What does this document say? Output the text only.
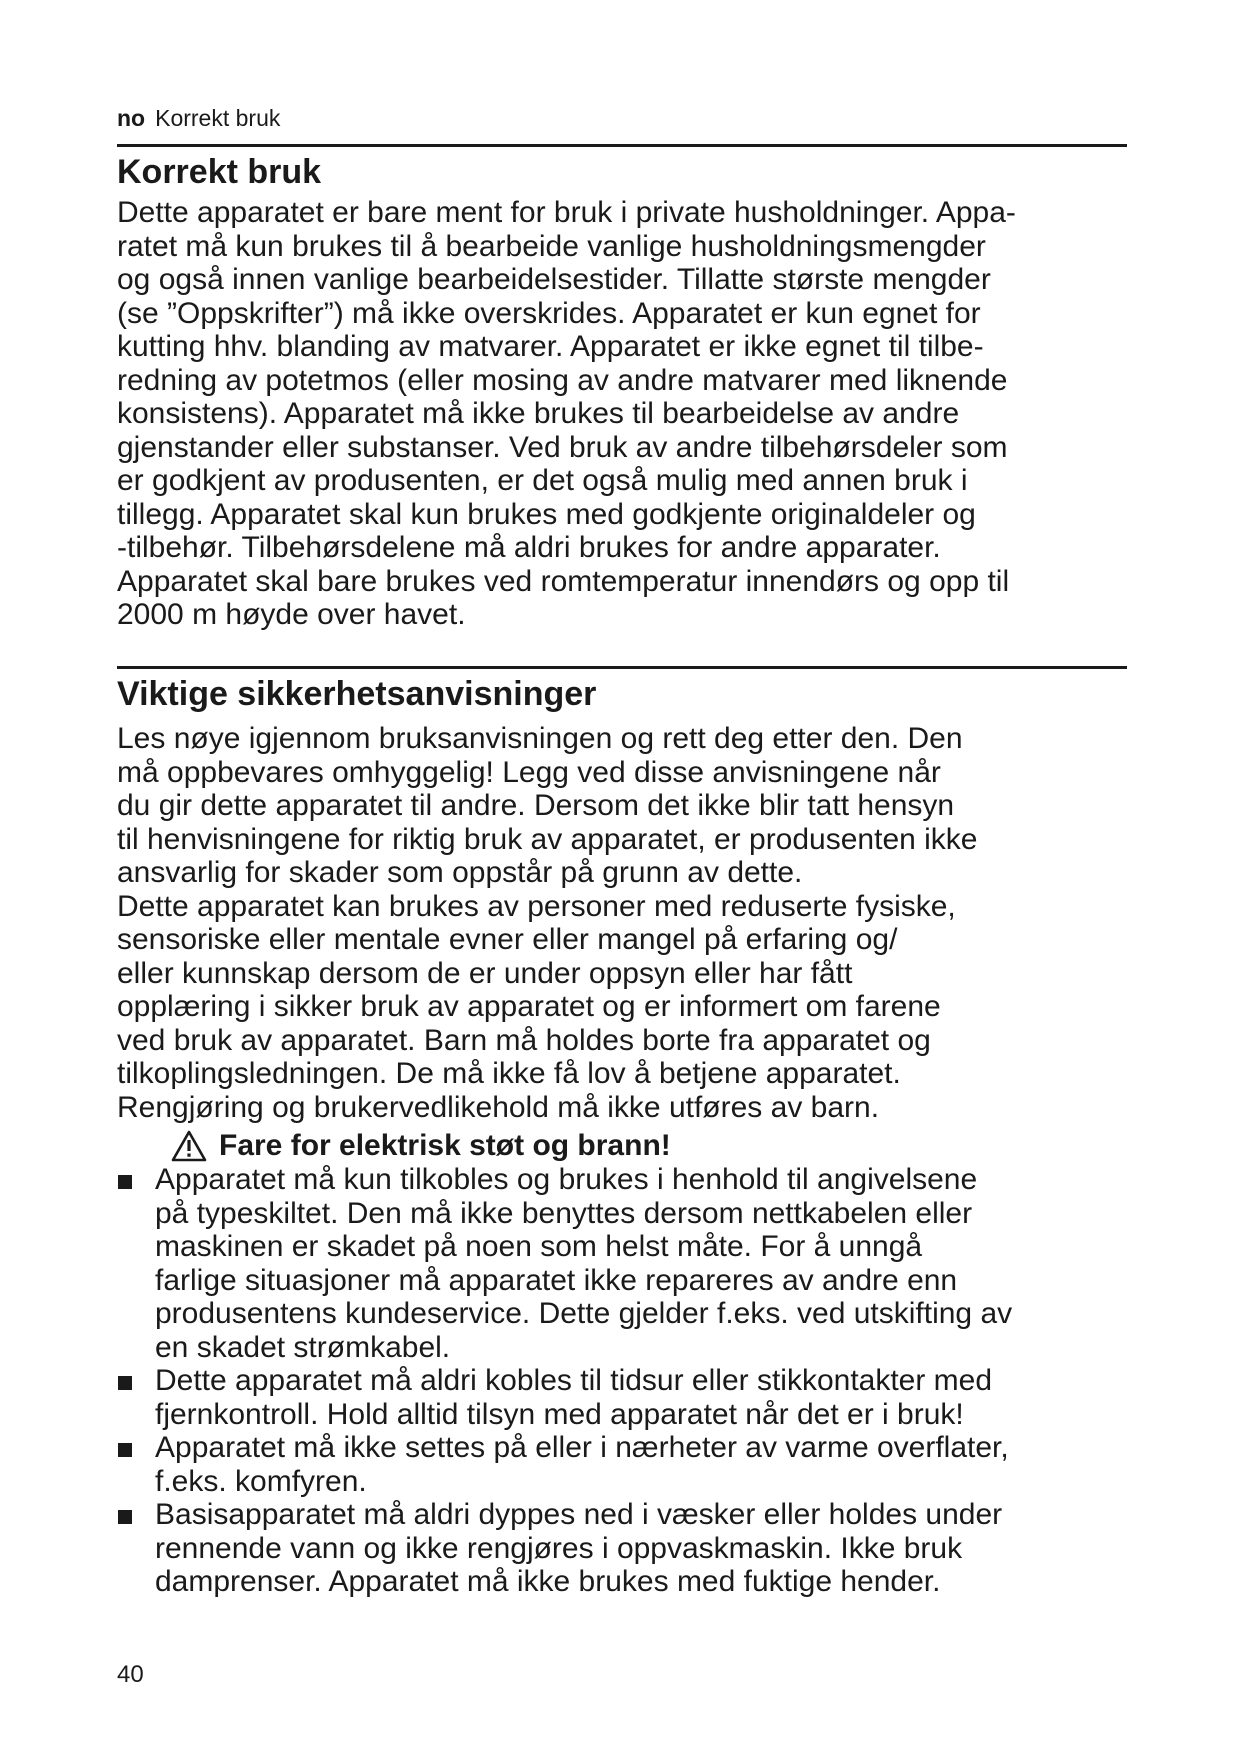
no Korrekt bruk
Korrekt bruk
Dette apparatet er bare ment for bruk i private husholdninger. Appa-
ratet må kun brukes til å bearbeide vanlige husholdningsmengder
og også innen vanlige bearbeidelsestider. Tillatte største mengder
(se ”Oppskrifter”) må ikke overskrides. Apparatet er kun egnet for
kutting hhv. blanding av matvarer. Apparatet er ikke egnet til tilbe-
redning av potetmos (eller mosing av andre matvarer med liknende
konsistens). Apparatet må ikke brukes til bearbeidelse av andre
gjenstander eller substanser. Ved bruk av andre tilbehørsdeler som
er godkjent av produsenten, er det også mulig med annen bruk i
tillegg. Apparatet skal kun brukes med godkjente originaldeler og
-tilbehør. Tilbehørsdelene må aldri brukes for andre apparater.
Apparatet skal bare brukes ved romtemperatur innendørs og opp til
2000 m høyde over havet.
Viktige sikkerhetsanvisninger
Les nøye igjennom bruksanvisningen og rett deg etter den. Den
må oppbevares omhyggelig! Legg ved disse anvisningene når
du gir dette apparatet til andre. Dersom det ikke blir tatt hensyn
til henvisningene for riktig bruk av apparatet, er produsenten ikke
ansvarlig for skader som oppstår på grunn av dette.
Dette apparatet kan brukes av personer med reduserte fysiske,
sensoriske eller mentale evner eller mangel på erfaring og/
eller kunnskap dersom de er under oppsyn eller har fått
opplæring i sikker bruk av apparatet og er informert om farene
ved bruk av apparatet. Barn må holdes borte fra apparatet og
tilkoplingsledningen. De må ikke få lov å betjene apparatet.
Rengjøring og brukervedlikehold må ikke utføres av barn.
Fare for elektrisk støt og brann!
Apparatet må kun tilkobles og brukes i henhold til angivelsene
på typeskiltet. Den må ikke benyttes dersom nettkabelen eller
maskinen er skadet på noen som helst måte. For å unngå
farlige situasjoner må apparatet ikke repareres av andre enn
produsentens kundeservice. Dette gjelder f.eks. ved utskifting av
en skadet strømkabel.
Dette apparatet må aldri kobles til tidsur eller stikkontakter med
fjernkontroll. Hold alltid tilsyn med apparatet når det er i bruk!
Apparatet må ikke settes på eller i nærheter av varme overflater,
f.eks. komfyren.
Basisapparatet må aldri dyppes ned i væsker eller holdes under
rennende vann og ikke rengjøres i oppvaskmaskin. Ikke bruk
damprenser. Apparatet må ikke brukes med fuktige hender.
40
